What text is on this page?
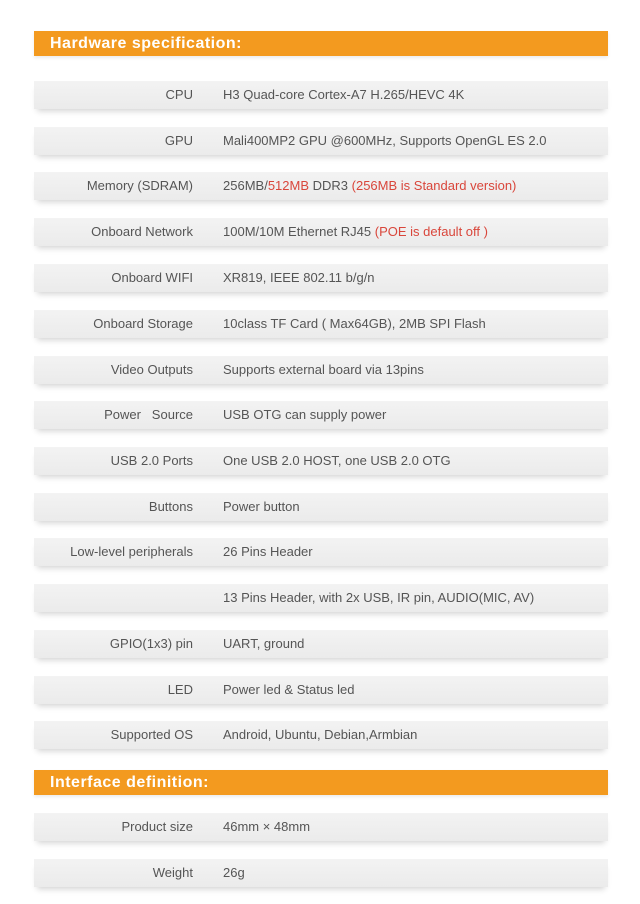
Hardware specification:
CPU H3 Quad-core Cortex-A7 H.265/HEVC 4K
GPU Mali400MP2 GPU @600MHz, Supports OpenGL ES 2.0
Memory (SDRAM) 256MB/512MB DDR3 (256MB is Standard version)
Onboard Network 100M/10M Ethernet RJ45 (POE is default off )
Onboard WIFI XR819, IEEE 802.11 b/g/n
Onboard Storage 10class TF Card ( Max64GB), 2MB SPI Flash
Video Outputs Supports external board via 13pins
Power   Source USB OTG can supply power
USB 2.0 Ports One USB 2.0 HOST, one USB 2.0 OTG
Buttons Power button
Low-level peripherals 26 Pins Header
13 Pins Header, with 2x USB, IR pin, AUDIO(MIC, AV)
GPIO(1x3) pin UART, ground
LED Power led & Status led
Supported OS Android, Ubuntu, Debian,Armbian
Interface definition:
Product size 46mm × 48mm
Weight 26g
